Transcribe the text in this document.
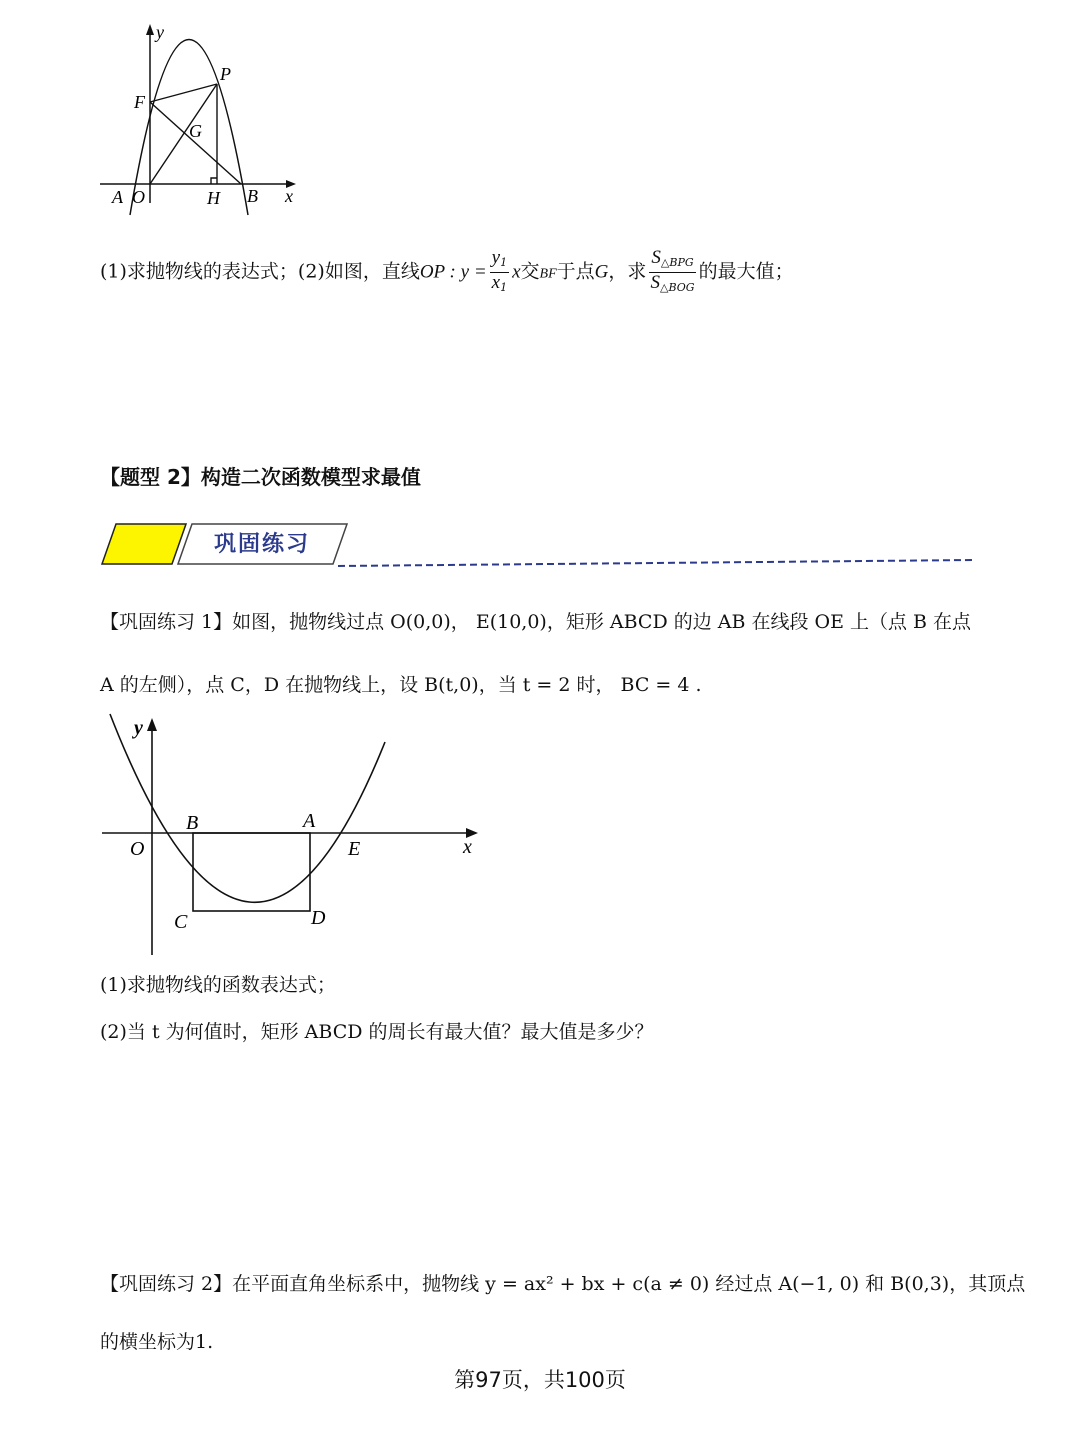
y
P
F
G
A O	H B x
(1)求抛物线的表达式；(2)如图，直线OP : $y = \frac{y_1}{x_1}$ x交BF于点G，求 $\frac{S_{\triangle BPG}}{S_{\triangle BOG}}$ 的最大值；
【题型 2】构造二次函数模型求最值
巩固练习
【巩固练习 1】如图，抛物线过点 O(0,0)， E(10,0)，矩形 ABCD 的边 AB 在线段 OE 上（点 B 在点
A 的左侧），点 C，D 在抛物线上，设 B(t,0)，当 t = 2 时， BC = 4 .
y
B	A
O	E	x
C	D
(1)求抛物线的函数表达式；
(2)当 t 为何值时，矩形 ABCD 的周长有最大值？最大值是多少？
【巩固练习 2】在平面直角坐标系中，抛物线 y = ax² + bx + c(a ≠ 0) 经过点 A(−1, 0) 和 B(0,3)，其顶点
的横坐标为1.
第97页，共100页
